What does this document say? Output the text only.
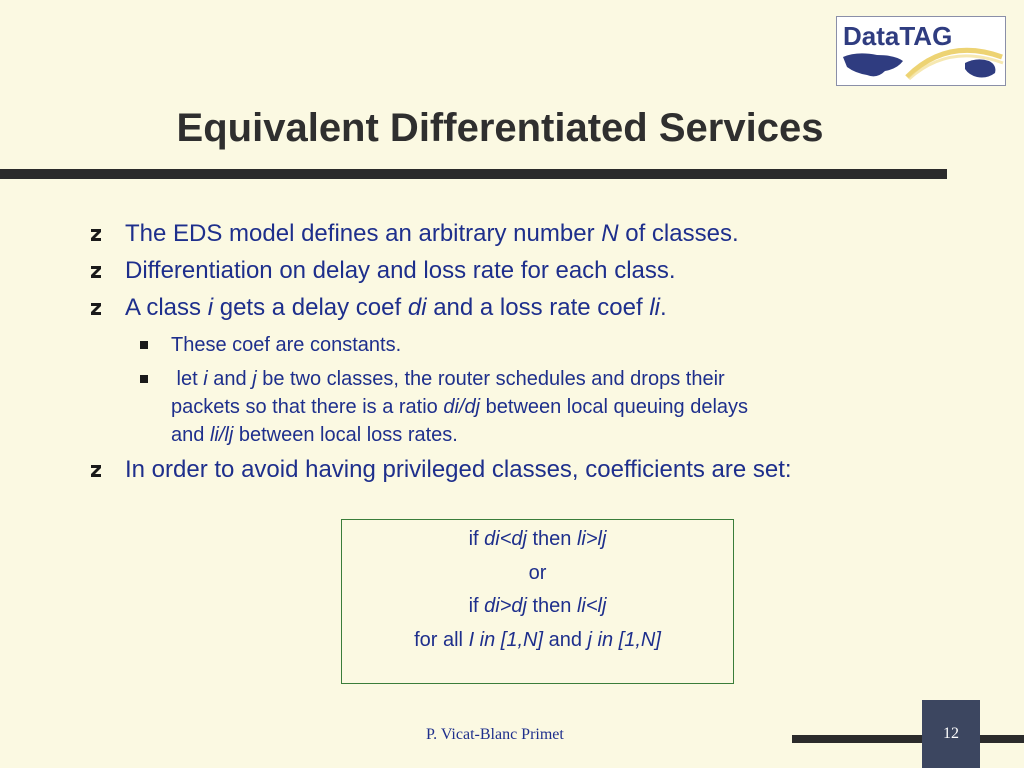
DataTAG
Equivalent Differentiated Services
The EDS model defines an arbitrary number N of classes.
Differentiation on delay and loss rate for each class.
A class i gets a delay coef di and a loss rate coef li.
These coef are constants.
let i and j be two classes, the router schedules and drops their
packets so that there is a ratio di/dj between local queuing delays
and li/lj between local loss rates.
In order to avoid having privileged classes, coefficients are set:
if di<dj then li>lj
or
if di>dj then li<lj
for all I in [1,N] and j in [1,N]
P. Vicat-Blanc Primet	12
